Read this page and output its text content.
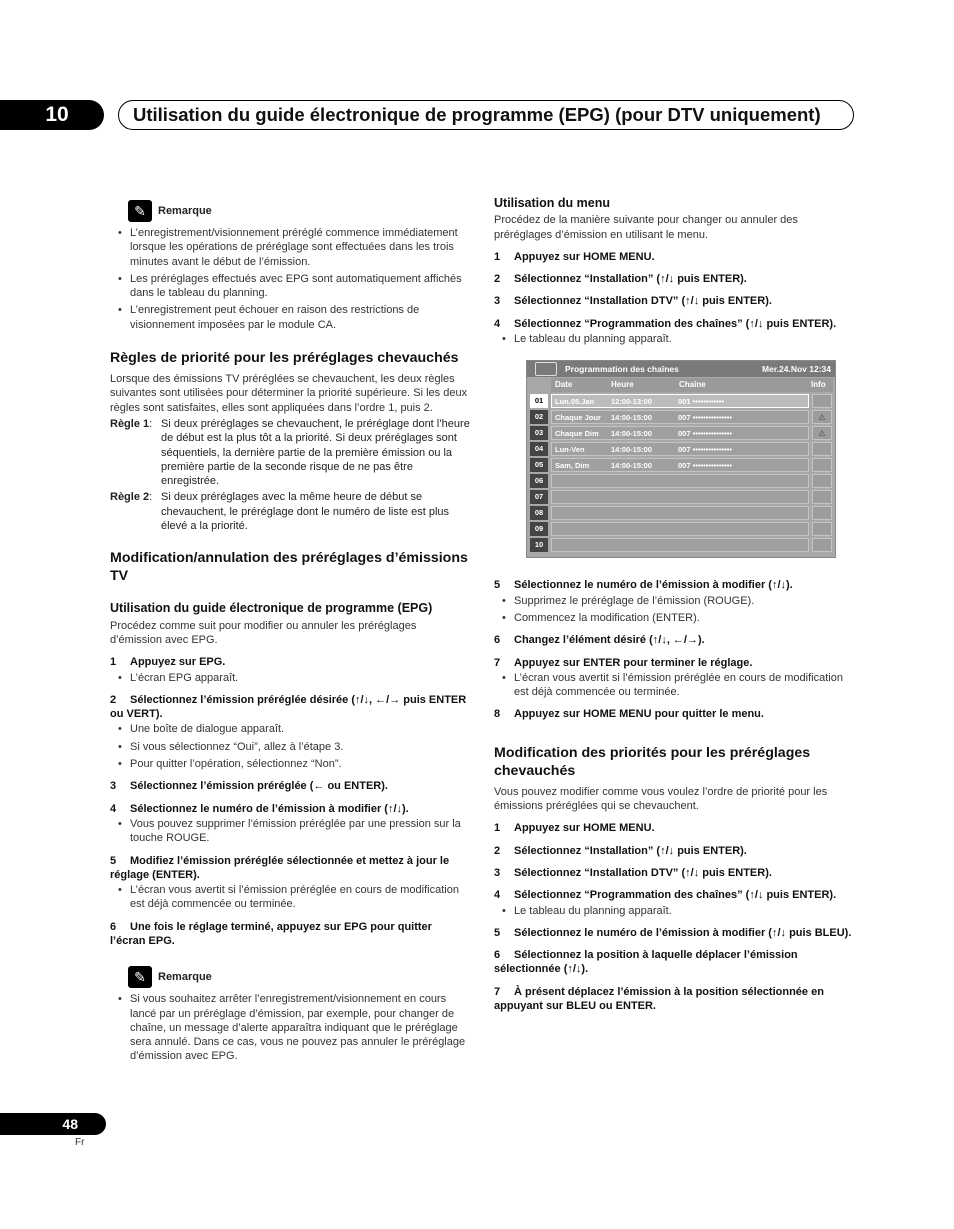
10	Utilisation du guide électronique de programme (EPG) (pour DTV uniquement)
✎	Remarque
• L’enregistrement/visionnement préréglé commence immédiatement lorsque les opérations de préréglage sont effectuées dans les trois minutes avant le début de l’émission.
• Les préréglages effectués avec EPG sont automatiquement affichés dans le tableau du planning.
• L’enregistrement peut échouer en raison des restrictions de visionnement imposées par le module CA.
Règles de priorité pour les préréglages chevauchés

Lorsque des émissions TV préréglées se chevauchent, les deux règles suivantes sont utilisées pour déterminer la priorité supérieure. Si les deux règles sont satisfaites, elles sont appliquées dans l’ordre 1, puis 2.

Règle 1: Si deux préréglages se chevauchent, le préréglage dont l’heure de début est la plus tôt a la priorité. Si deux préréglages sont séquentiels, la dernière partie de la première émission ou la première partie de la seconde risque de ne pas être enregistrée.
Règle 2: Si deux préréglages avec la même heure de début se chevauchent, le préréglage dont le numéro de liste est plus élevé a la priorité.
Modification/annulation des préréglages d’émissions TV
Utilisation du guide électronique de programme (EPG)

Procédez comme suit pour modifier ou annuler les préréglages d’émission avec EPG.

1 Appuyez sur EPG.
• L’écran EPG apparaît.
2 Sélectionnez l’émission préréglée désirée (↑/↓, ←/→ puis ENTER ou VERT).
• Une boîte de dialogue apparaît.
• Si vous sélectionnez “Oui”, allez à l’étape 3.
• Pour quitter l’opération, sélectionnez “Non”.
3 Sélectionnez l’émission préréglée (← ou ENTER).
4 Sélectionnez le numéro de l’émission à modifier (↑/↓).
• Vous pouvez supprimer l’émission préréglée par une pression sur la touche ROUGE.
5 Modifiez l’émission préréglée sélectionnée et mettez à jour le réglage (ENTER).
• L’écran vous avertit si l’émission préréglée en cours de modification est déjà commencée ou terminée.
6 Une fois le réglage terminé, appuyez sur EPG pour quitter l’écran EPG.
✎	Remarque
• Si vous souhaitez arrêter l’enregistrement/visionnement en cours lancé par un préréglage d’émission, par exemple, pour changer de chaîne, un message d’alerte apparaîtra indiquant que le préréglage sera annulé. Dans ce cas, vous ne pouvez pas annuler le préréglage d’émission avec EPG.
Utilisation du menu

Procédez de la manière suivante pour changer ou annuler des préréglages d’émission en utilisant le menu.

1 Appuyez sur HOME MENU.
2 Sélectionnez “Installation” (↑/↓ puis ENTER).
3 Sélectionnez “Installation DTV” (↑/↓ puis ENTER).
4 Sélectionnez “Programmation des chaînes” (↑/↓ puis ENTER).
• Le tableau du planning apparaît.
Programmation des chaînes	Mer.24.Nov 12:34
Date	Heure	Chaîne	Info
01	Lun.05.Jan 12:00-13:00	001 ••••••••••••
02	Chaque Jour 14:00-15:00	007 •••••••••••••••	⚠
03	Chaque Dim 14:00-15:00	007 •••••••••••••••	⚠
04	Lun-Ven	14:00-15:00	007 •••••••••••••••
05	Sam, Dim	14:00-15:00	007 •••••••••••••••
06
07
08
09
10
5 Sélectionnez le numéro de l’émission à modifier (↑/↓).
• Supprimez le préréglage de l’émission (ROUGE).
• Commencez la modification (ENTER).
6 Changez l’élément désiré (↑/↓, ←/→).
7 Appuyez sur ENTER pour terminer le réglage.
• L’écran vous avertit si l’émission préréglée en cours de modification est déjà commencée ou terminée.
8 Appuyez sur HOME MENU pour quitter le menu.
Modification des priorités pour les préréglages chevauchés

Vous pouvez modifier comme vous voulez l’ordre de priorité pour les émissions préréglées qui se chevauchent.

1 Appuyez sur HOME MENU.
2 Sélectionnez “Installation” (↑/↓ puis ENTER).
3 Sélectionnez “Installation DTV” (↑/↓ puis ENTER).
4 Sélectionnez “Programmation des chaînes” (↑/↓ puis ENTER).
• Le tableau du planning apparaît.
5 Sélectionnez le numéro de l’émission à modifier (↑/↓ puis BLEU).
6 Sélectionnez la position à laquelle déplacer l’émission sélectionnée (↑/↓).
7 À présent déplacez l’émission à la position sélectionnée en appuyant sur BLEU ou ENTER.
48
Fr
